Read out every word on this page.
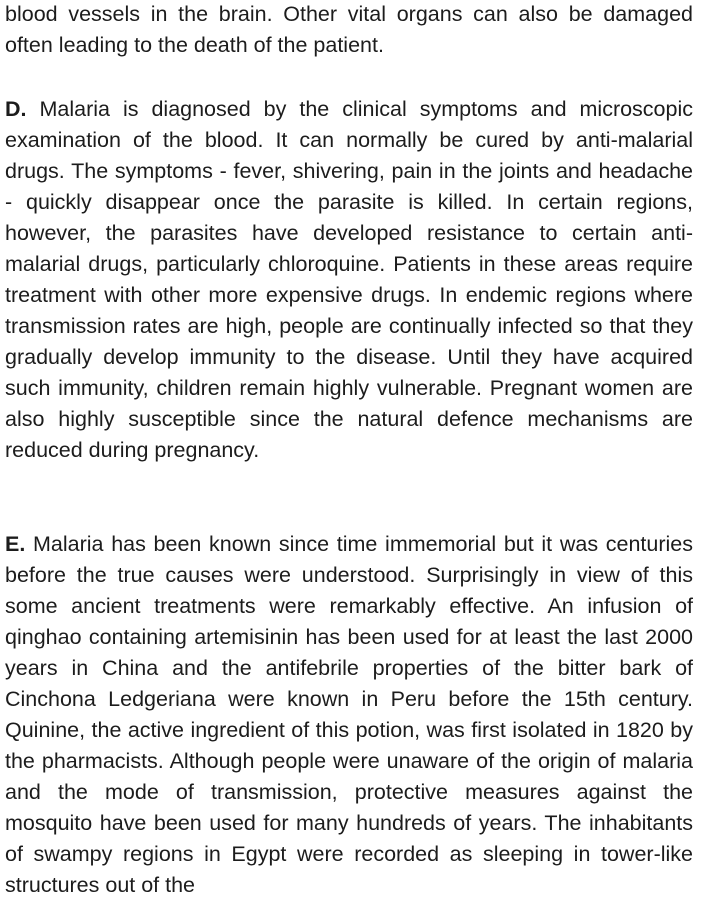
blood vessels in the brain. Other vital organs can also be damaged often leading to the death of the patient.

D. Malaria is diagnosed by the clinical symptoms and microscopic examination of the blood. It can normally be cured by anti-malarial drugs. The symptoms - fever, shivering, pain in the joints and headache - quickly disappear once the parasite is killed. In certain regions, however, the parasites have developed resistance to certain anti-malarial drugs, particularly chloroquine. Patients in these areas require treatment with other more expensive drugs. In endemic regions where transmission rates are high, people are continually infected so that they gradually develop immunity to the disease. Until they have acquired such immunity, children remain highly vulnerable. Pregnant women are also highly susceptible since the natural defence mechanisms are reduced during pregnancy.

E. Malaria has been known since time immemorial but it was centuries before the true causes were understood. Surprisingly in view of this some ancient treatments were remarkably effective. An infusion of qinghao containing artemisinin has been used for at least the last 2000 years in China and the antifebrile properties of the bitter bark of Cinchona Ledgeriana were known in Peru before the 15th century. Quinine, the active ingredient of this potion, was first isolated in 1820 by the pharmacists. Although people were unaware of the origin of malaria and the mode of transmission, protective measures against the mosquito have been used for many hundreds of years. The inhabitants of swampy regions in Egypt were recorded as sleeping in tower-like structures out of the
